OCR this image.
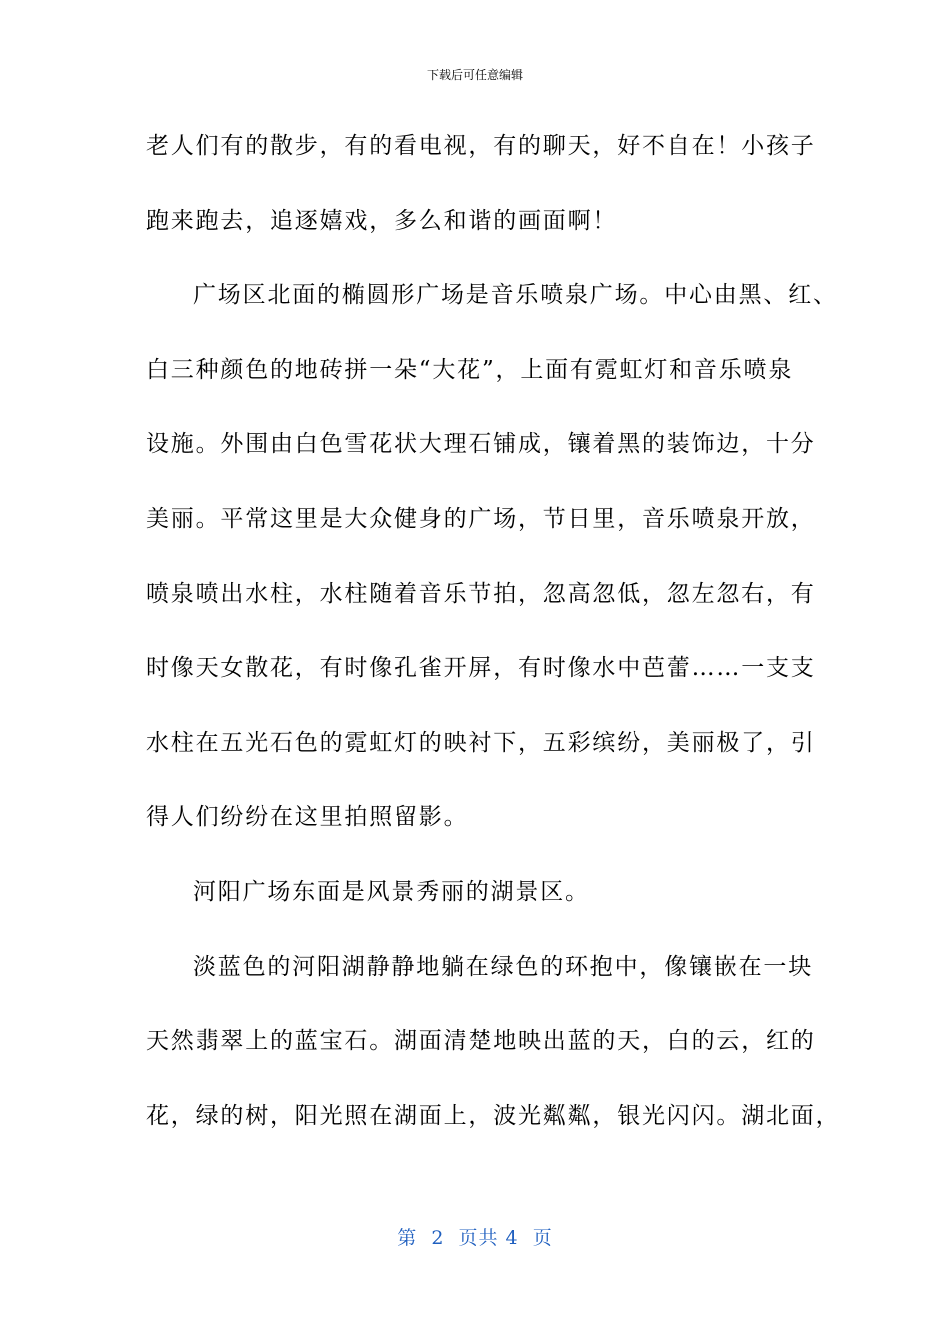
下载后可任意编辑
老人们有的散步，有的看电视，有的聊天，好不自在！小孩子
跑来跑去，追逐嬉戏，多么和谐的画面啊！
广场区北面的椭圆形广场是音乐喷泉广场。中心由黑、红、
白三种颜色的地砖拼一朵“大花”，上面有霓虹灯和音乐喷泉
设施。外围由白色雪花状大理石铺成，镶着黑的装饰边，十分
美丽。平常这里是大众健身的广场，节日里，音乐喷泉开放，
喷泉喷出水柱，水柱随着音乐节拍，忽高忽低，忽左忽右，有
时像天女散花，有时像孔雀开屏，有时像水中芭蕾……一支支
水柱在五光石色的霓虹灯的映衬下，五彩缤纷，美丽极了，引
得人们纷纷在这里拍照留影。
河阳广场东面是风景秀丽的湖景区。
淡蓝色的河阳湖静静地躺在绿色的环抱中，像镶嵌在一块
天然翡翠上的蓝宝石。湖面清楚地映出蓝的天，白的云，红的
花，绿的树，阳光照在湖面上，波光粼粼，银光闪闪。湖北面，
第  2  页共 4  页
